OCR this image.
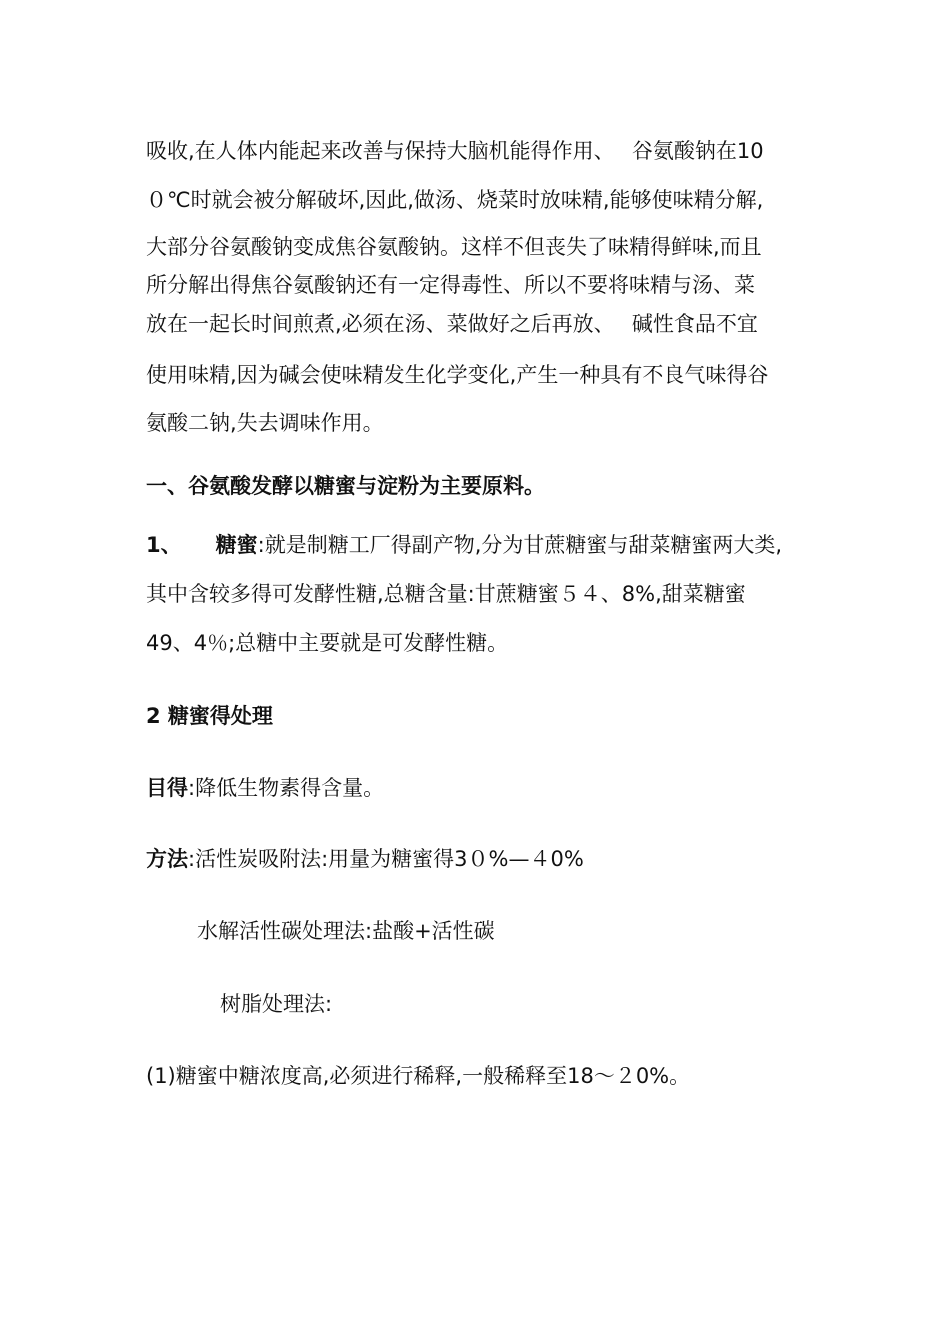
吸收,在人体内能起来改善与保持大脑机能得作用、　 谷氨酸钠在10
０℃时就会被分解破坏,因此,做汤、烧菜时放味精,能够使味精分解,
大部分谷氨酸钠变成焦谷氨酸钠。这样不但丧失了味精得鲜味,而且
所分解出得焦谷氨酸钠还有一定得毒性、所以不要将味精与汤、菜
放在一起长时间煎煮,必须在汤、菜做好之后再放、　 碱性食品不宜
使用味精,因为碱会使味精发生化学变化,产生一种具有不良气味得谷
氨酸二钠,失去调味作用。
一、谷氨酸发酵以糖蜜与淀粉为主要原料。
1、 糖蜜:就是制糖工厂得副产物,分为甘蔗糖蜜与甜菜糖蜜两大类,
其中含较多得可发酵性糖,总糖含量:甘蔗糖蜜５４、8%,甜菜糖蜜
49、4％;总糖中主要就是可发酵性糖。
2 糖蜜得处理
目得:降低生物素得含量。
方法:活性炭吸附法:用量为糖蜜得3０%—４0%
水解活性碳处理法:盐酸+活性碳
树脂处理法:
(1)糖蜜中糖浓度高,必须进行稀释,一般稀释至18～２0%。
